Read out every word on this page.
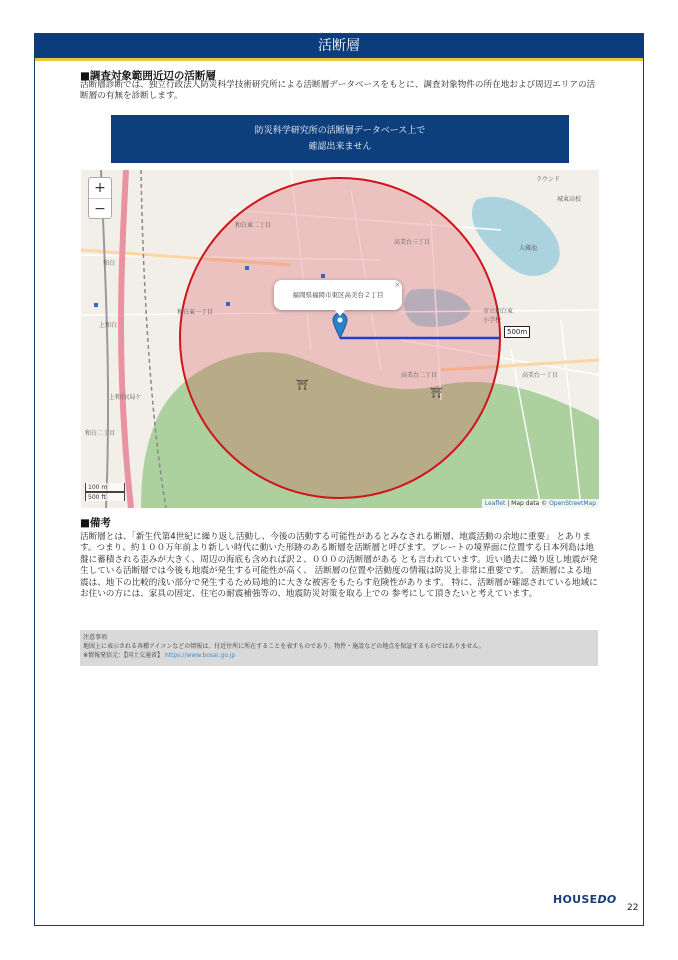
活断層
■調査対象範囲近辺の活断層
活断層診断では、独立行政法人防災科学技術研究所による活断層データベースをもとに、調査対象物件の所在地および周辺エリアの活断層の有無を診断します。
防災科学研究所の活断層データベース上で
確認出来ません
⛩
⛩
和白東二丁目
高美台三丁目
和白東一丁目
高美台二丁目	高美台一丁目
和白
上和白
上和白(局ケ
和白二丁目
市立和白東小学校
城東高校
大蔵池
ラウンド
+
−
福岡県福岡市東区高美台２丁目
×
500m
100 m
500 ft
Leaflet | Map data © OpenStreetMap
■備考
活断層とは、「新生代第4世紀に繰り返し活動し、今後の活動する可能性があるとみなされる断層、地震活動の余地に重要」 とあります。つまり、約１００万年前より新しい時代に動いた形跡のある断層を活断層と呼びます。プレートの境界面に位置する日本列島は地盤に蓄積される歪みが大きく、周辺の海底も含めれば訳２、０００の活断層がある とも言われています。近い過去に繰り返し地震が発生している活断層では今後も地震が発生する可能性が高く、 活断層の位置や活動度の情報は防災上非常に重要です。 活断層による地震は、地下の比較的浅い部分で発生するため局地的に大きな被害をもたらす危険性があります。 特に、活断層が確認されている地域にお住いの方には、家具の固定、住宅の耐震補強等の、地震防災対策を取る上での 参考にして頂きたいと考えています。
注意事項
地図上に表示される各種アイコンなどの情報は、付近住所に所在することを表すものであり、物件・施設などの地点を保証するものではありません。
※情報発信元：【国土交通省】 https://www.bosai.go.jp
HOUSEDO
22
